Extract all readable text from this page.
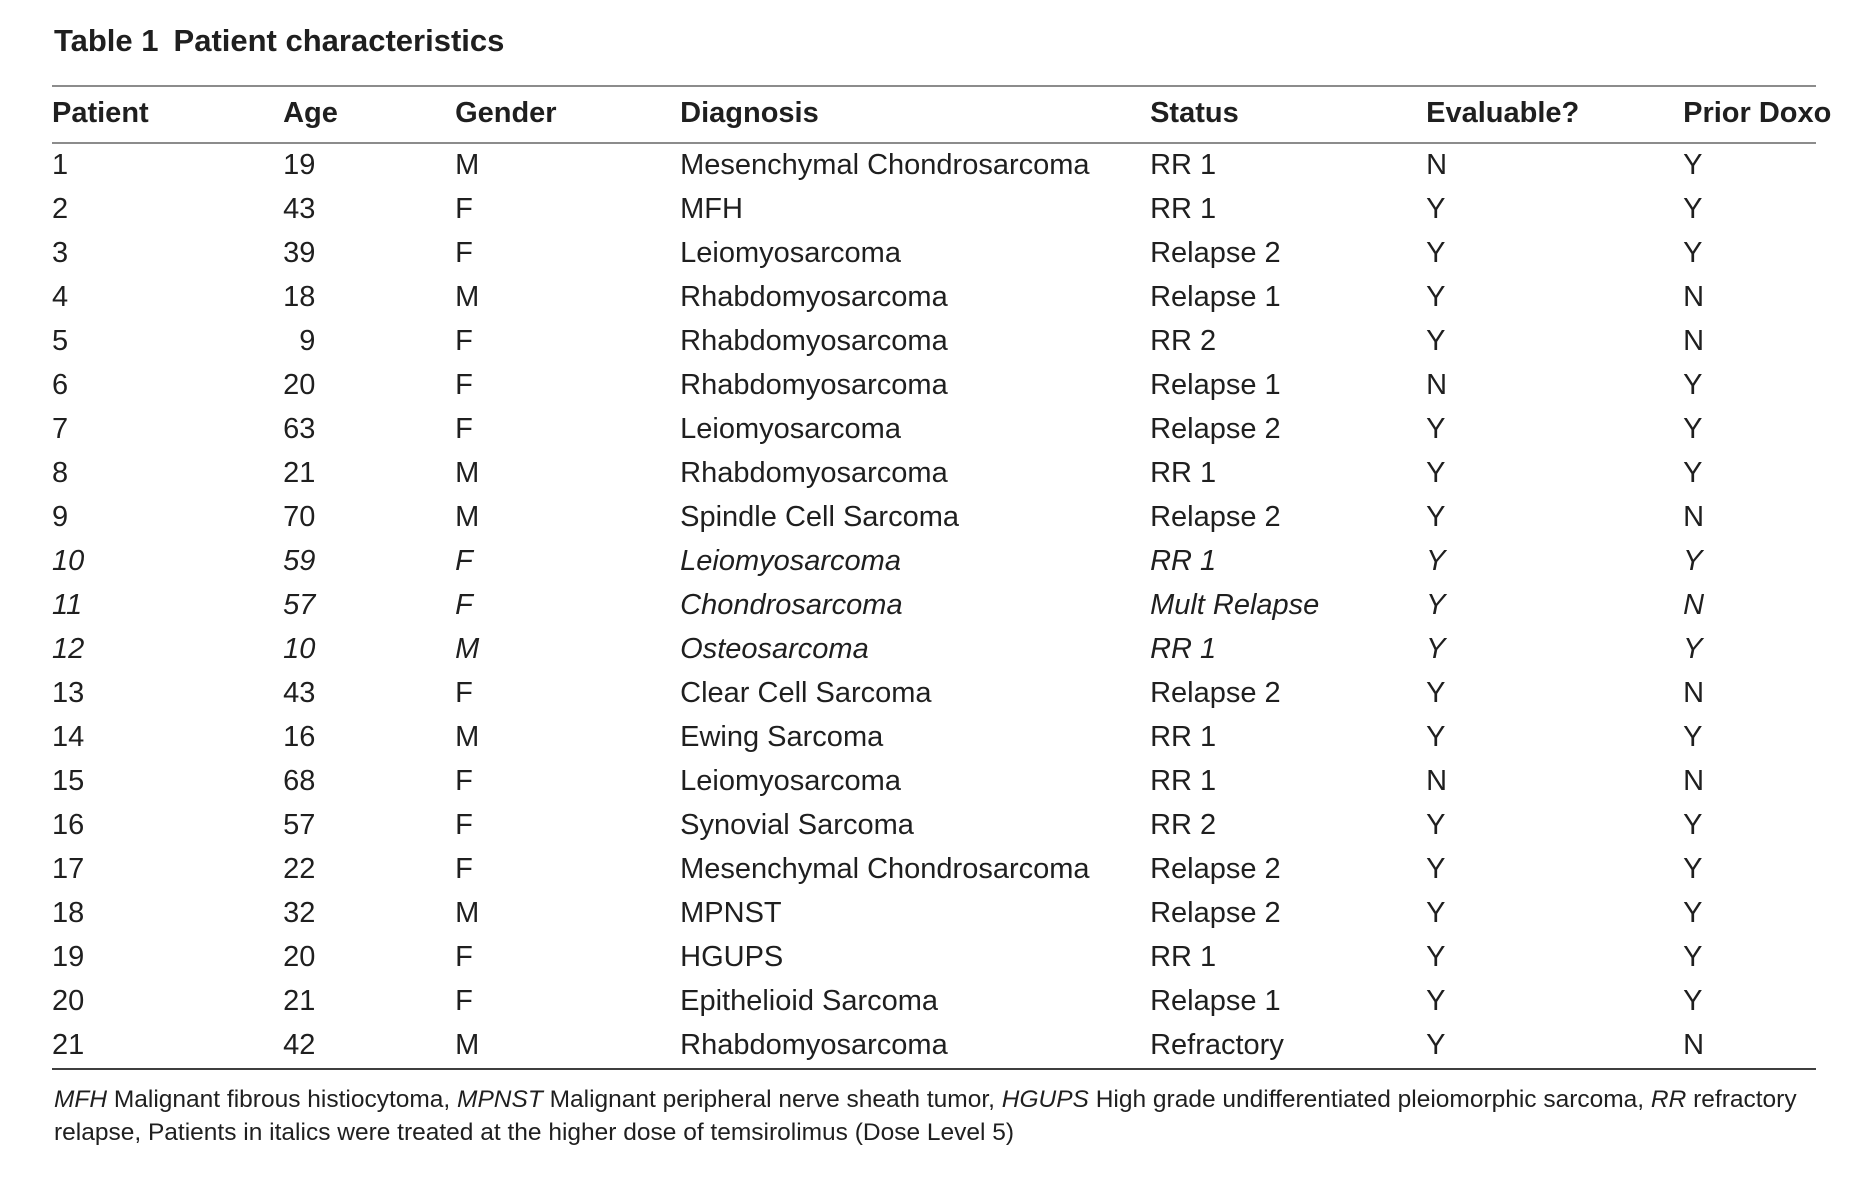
Table 1 Patient characteristics
Patient	Age	Gender	Diagnosis	Status	Evaluable?	Prior Doxo
1	19	M	Mesenchymal Chondrosarcoma	RR 1	N	Y
2	43	F	MFH	RR 1	Y	Y
3	39	F	Leiomyosarcoma	Relapse 2	Y	Y
4	18	M	Rhabdomyosarcoma	Relapse 1	Y	N
5	9	F	Rhabdomyosarcoma	RR 2	Y	N
6	20	F	Rhabdomyosarcoma	Relapse 1	N	Y
7	63	F	Leiomyosarcoma	Relapse 2	Y	Y
8	21	M	Rhabdomyosarcoma	RR 1	Y	Y
9	70	M	Spindle Cell Sarcoma	Relapse 2	Y	N
10	59	F	Leiomyosarcoma	RR 1	Y	Y
11	57	F	Chondrosarcoma	Mult Relapse	Y	N
12	10	M	Osteosarcoma	RR 1	Y	Y
13	43	F	Clear Cell Sarcoma	Relapse 2	Y	N
14	16	M	Ewing Sarcoma	RR 1	Y	Y
15	68	F	Leiomyosarcoma	RR 1	N	N
16	57	F	Synovial Sarcoma	RR 2	Y	Y
17	22	F	Mesenchymal Chondrosarcoma	Relapse 2	Y	Y
18	32	M	MPNST	Relapse 2	Y	Y
19	20	F	HGUPS	RR 1	Y	Y
20	21	F	Epithelioid Sarcoma	Relapse 1	Y	Y
21	42	M	Rhabdomyosarcoma	Refractory	Y	N

MFH Malignant fibrous histiocytoma, MPNST Malignant peripheral nerve sheath tumor, HGUPS High grade undifferentiated pleiomorphic sarcoma, RR refractory
relapse, Patients in italics were treated at the higher dose of temsirolimus (Dose Level 5)
